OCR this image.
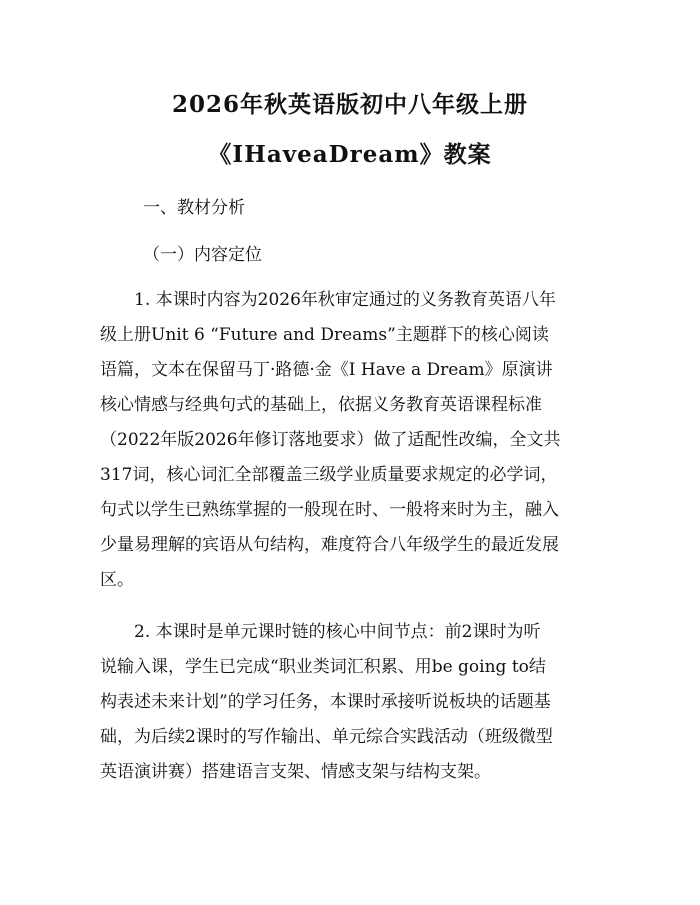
2026年秋英语版初中八年级上册
《IHaveaDream》教案
一、教材分析
（一）内容定位
　　1. 本课时内容为2026年秋审定通过的义务教育英语八年
级上册Unit 6 “Future and Dreams”主题群下的核心阅读
语篇，文本在保留马丁·路德·金《I Have a Dream》原演讲
核心情感与经典句式的基础上，依据义务教育英语课程标准
（2022年版2026年修订落地要求）做了适配性改编，全文共
317词，核心词汇全部覆盖三级学业质量要求规定的必学词，
句式以学生已熟练掌握的一般现在时、一般将来时为主，融入
少量易理解的宾语从句结构，难度符合八年级学生的最近发展
区。
　　2. 本课时是单元课时链的核心中间节点：前2课时为听
说输入课，学生已完成“职业类词汇积累、用be going to结
构表述未来计划”的学习任务，本课时承接听说板块的话题基
础，为后续2课时的写作输出、单元综合实践活动（班级微型
英语演讲赛）搭建语言支架、情感支架与结构支架。
